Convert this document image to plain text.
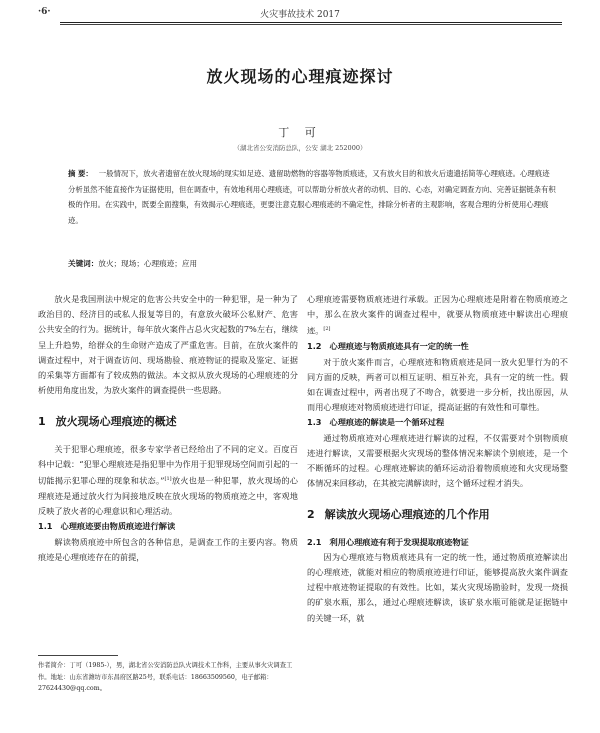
·6·	火灾事故技术 2017
放火现场的心理痕迹探讨
丁 可
（湖北省公安消防总队，公安 湖北 252000）
摘 要： 一般情况下，放火者遗留在放火现场的现实如足迹、遗留助燃物的容器等物质痕迹，又有放火目的和放火后遗遗括简等心理痕迹。心理痕迹分析虽然不能直接作为证据使用，但在调查中，有效地利用心理痕迹，可以帮助分析放火者的动机、目的、心态，对确定调查方向、完善证据链条有积极的作用。在实践中，既要全面搜集，有效揭示心理痕迹，更要注意克服心理痕迹的不确定性，排除分析者的主观影响，客观合理的分析使用心理痕迹。
关键词：放火；现场；心理痕迹；应用

放火是我国刑法中规定的危害公共安全中的一种犯罪，是一种为了政治目的、经济目的或私人报复等目的，有意放火破坏公私财产、危害公共安全的行为。据统计，每年放火案件占总火灾起数的7%左右，继续呈上升趋势，给群众的生命财产造成了严重危害。目前，在放火案件的调查过程中，对于调查访问、现场勘验、痕迹物证的提取及鉴定、证据的采集等方面都有了较成熟的做法。本文拟从放火现场的心理痕迹的分析使用角度出发，为放火案件的调查提供一些思路。

1 放火现场心理痕迹的概述

关于犯罪心理痕迹，很多专家学者已经给出了不同的定义。百度百科中记载：“犯罪心理痕迹是指犯罪中为作用于犯罪现场空间而引起的一切能揭示犯罪心理的现象和状态。”[1]放火也是一种犯罪，放火现场的心理痕迹是通过放火行为间接地反映在放火现场的物质痕迹之中，客观地反映了放火者的心理意识和心理活动。

1.1 心理痕迹要由物质痕迹进行解读

解读物质痕迹中所包含的各种信息，是调查工作的主要内容。物质痕迹是心理痕迹存在的前提，

心理痕迹需要物质痕迹进行承载。正因为心理痕迹是附着在物质痕迹之中，那么在放火案件的调查过程中，就要从物质痕迹中解读出心理痕迹。[2]

1.2 心理痕迹与物质痕迹具有一定的统一性

对于放火案件而言，心理痕迹和物质痕迹是同一放火犯罪行为的不同方面的反映，两者可以相互证明、相互补充，具有一定的统一性。假如在调查过程中，两者出现了不吻合，就要进一步分析，找出原因，从而用心理痕迹对物质痕迹进行印证，提高证据的有效性和可靠性。

1.3 心理痕迹的解读是一个循环过程

通过物质痕迹对心理痕迹进行解读的过程，不仅需要对个别物质痕迹进行解读，又需要根据火灾现场的整体情况来解读个别痕迹，是一个不断循环的过程。心理痕迹解读的循环运动沿着物质痕迹和火灾现场整体情况来回移动，在其被完满解读时，这个循环过程才消失。

2 解读放火现场心理痕迹的几个作用
2.1 利用心理痕迹有利于发现提取痕迹物证

因为心理痕迹与物质痕迹具有一定的统一性，通过物质痕迹解读出的心理痕迹，就能对相应的物质痕迹进行印证，能够提高放火案件调查过程中痕迹物证提取的有效性。比如，某火灾现场勘验时，发现一烧损的矿泉水瓶，那么，通过心理痕迹解读，该矿泉水瓶可能就是证据链中的关键一环，就

作者简介：丁可（1985-），男，湖北省公安消防总队火调技术工作科，主要从事火灾调查工作。地址：山东省潍坊市东昌府区路25号，联系电话：18663509560，电子邮箱：27624430@qq.com。
